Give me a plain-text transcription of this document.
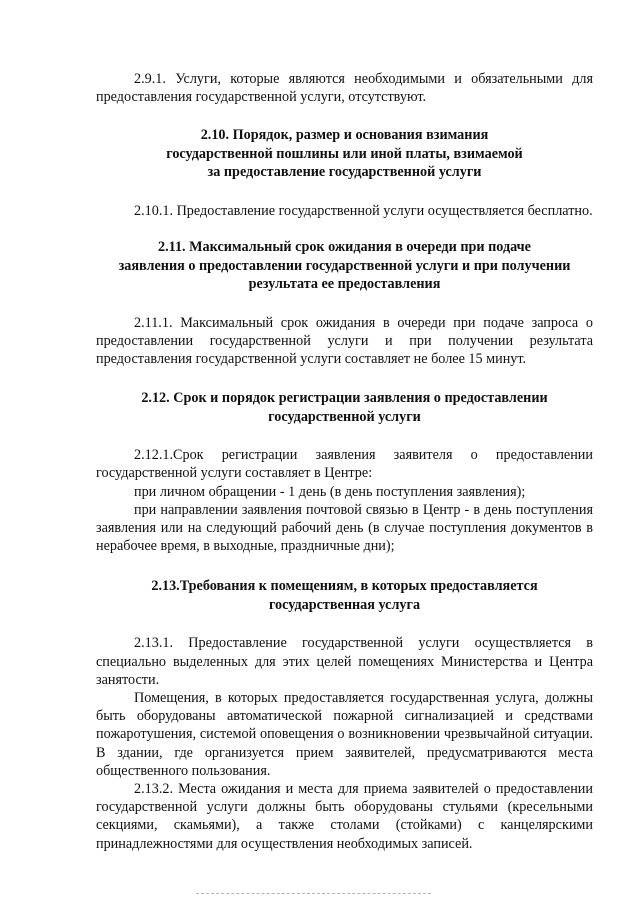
2.9.1. Услуги, которые являются необходимыми и обязательными для предоставления государственной услуги, отсутствуют.

2.10. Порядок, размер и основания взимания
государственной пошлины или иной платы, взимаемой
за предоставление государственной услуги

2.10.1. Предоставление государственной услуги осуществляется бесплатно.

2.11. Максимальный срок ожидания в очереди при подаче
заявления о предоставлении государственной услуги и при получении
результата ее предоставления

2.11.1. Максимальный срок ожидания в очереди при подаче запроса о предоставлении государственной услуги и при получении результата предоставления государственной услуги составляет не более 15 минут.

2.12. Срок и порядок регистрации заявления о предоставлении
государственной услуги

2.12.1.Срок регистрации заявления заявителя о предоставлении государственной услуги составляет в Центре:

при личном обращении - 1 день (в день поступления заявления);

при направлении заявления почтовой связью в Центр - в день поступления заявления или на следующий рабочий день (в случае поступления документов в нерабочее время, в выходные, праздничные дни);

2.13.Требования к помещениям, в которых предоставляется
государственная услуга

2.13.1. Предоставление государственной услуги осуществляется в специально выделенных для этих целей помещениях Министерства и Центра занятости.

Помещения, в которых предоставляется государственная услуга, должны быть оборудованы автоматической пожарной сигнализацией и средствами пожаротушения, системой оповещения о возникновении чрезвычайной ситуации. В здании, где организуется прием заявителей, предусматриваются места общественного пользования.

2.13.2. Места ожидания и места для приема заявителей о предоставлении государственной услуги должны быть оборудованы стульями (кресельными секциями, скамьями), а также столами (стойками) с канцелярскими принадлежностями для осуществления необходимых записей.
